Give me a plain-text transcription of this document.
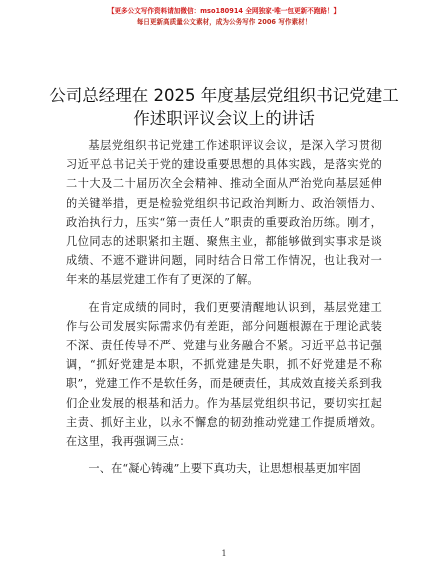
【更多公文写作资料请加微信：mso180914 全网独家·唯一包更新不跑路！】
每日更新高质量公文素材，成为公务写作 2006 写作素材！
公司总经理在 2025 年度基层党组织书记党建工
作述职评议会议上的讲话

基层党组织书记党建工作述职评议会议，是深入学习贯彻习近平总书记关于党的建设重要思想的具体实践，是落实党的二十大及二十届历次全会精神、推动全面从严治党向基层延伸的关键举措，更是检验党组织书记政治判断力、政治领悟力、政治执行力，压实“第一责任人”职责的重要政治历练。刚才，几位同志的述职紧扣主题、聚焦主业，都能够做到实事求是谈成绩、不遮不避讲问题，同时结合日常工作情况，也让我对一年来的基层党建工作有了更深的了解。

在肯定成绩的同时，我们更要清醒地认识到，基层党建工作与公司发展实际需求仍有差距，部分问题根源在于理论武装不深、责任传导不严、党建与业务融合不紧。习近平总书记强调，“抓好党建是本职，不抓党建是失职，抓不好党建是不称职”，党建工作不是软任务，而是硬责任，其成效直接关系到我们企业发展的根基和活力。作为基层党组织书记，要切实扛起主责、抓好主业，以永不懈怠的韧劲推动党建工作提质增效。在这里，我再强调三点：

一、在“凝心铸魂”上要下真功夫，让思想根基更加牢固

1
